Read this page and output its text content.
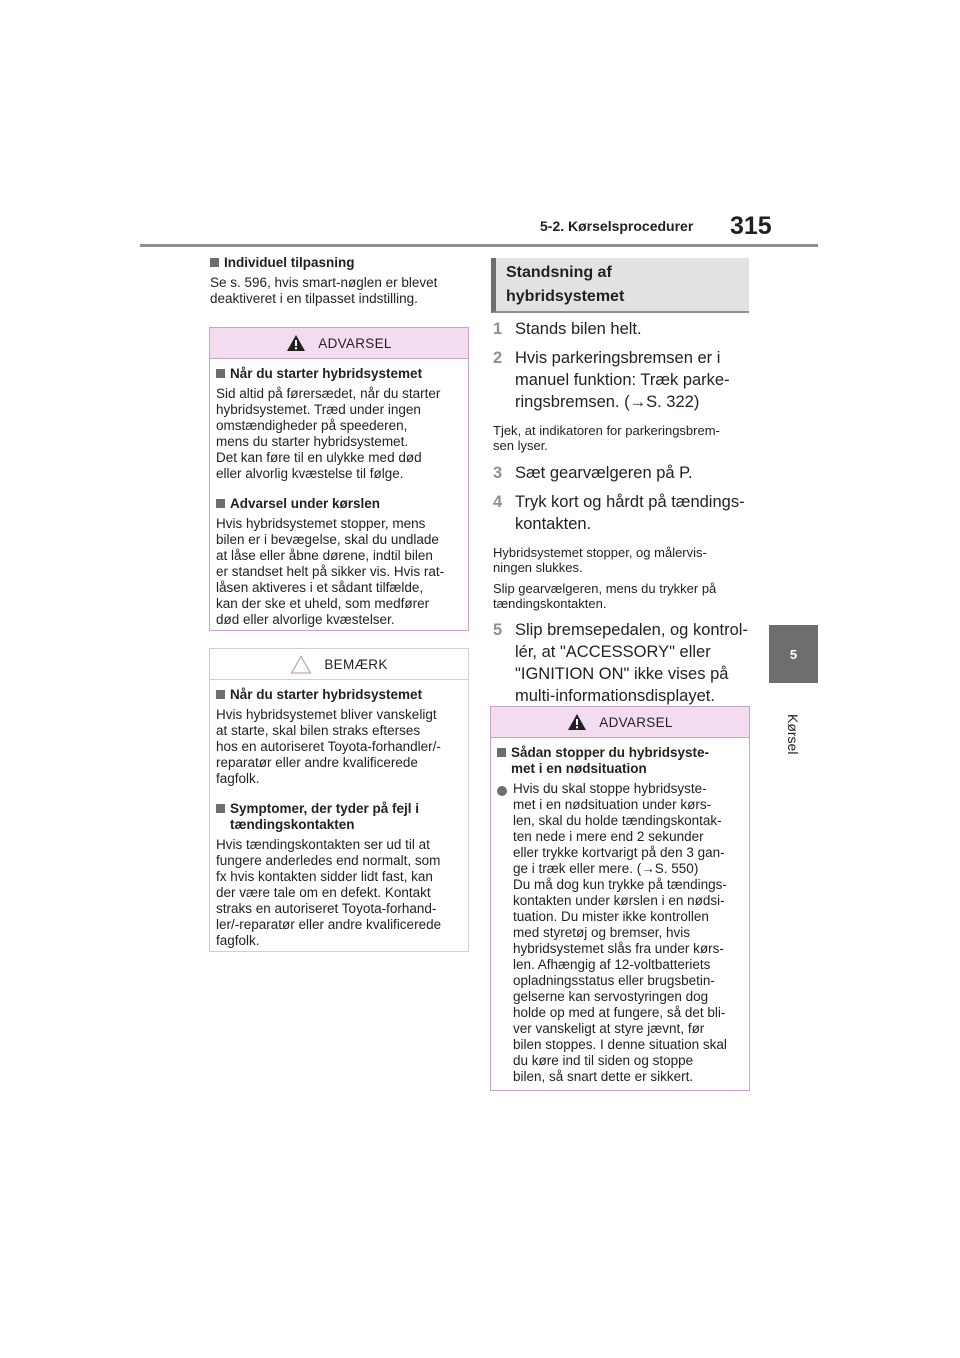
5-2. Kørselsprocedurer 315
5
Kørsel
Individuel tilpasning
Se s. 596, hvis smart-nøglen er blevet
deaktiveret i en tilpasset indstilling.
ADVARSEL
Når du starter hybridsystemet
Sid altid på førersædet, når du starter
hybridsystemet. Træd under ingen
omstændigheder på speederen,
mens du starter hybridsystemet.
Det kan føre til en ulykke med død
eller alvorlig kvæstelse til følge.
Advarsel under kørslen
Hvis hybridsystemet stopper, mens
bilen er i bevægelse, skal du undlade
at låse eller åbne dørene, indtil bilen
er standset helt på sikker vis. Hvis rat-
låsen aktiveres i et sådant tilfælde,
kan der ske et uheld, som medfører
død eller alvorlige kvæstelser.
BEMÆRK
Når du starter hybridsystemet
Hvis hybridsystemet bliver vanskeligt
at starte, skal bilen straks efterses
hos en autoriseret Toyota-forhandler/-
reparatør eller andre kvalificerede
fagfolk.
Symptomer, der tyder på fejl i
tændingskontakten
Hvis tændingskontakten ser ud til at
fungere anderledes end normalt, som
fx hvis kontakten sidder lidt fast, kan
der være tale om en defekt. Kontakt
straks en autoriseret Toyota-forhand-
ler/-reparatør eller andre kvalificerede
fagfolk.
Standsning af
hybridsystemet
1 Stands bilen helt.
2 Hvis parkeringsbremsen er i
manuel funktion: Træk parke-
ringsbremsen. (→S. 322)
Tjek, at indikatoren for parkeringsbrem-
sen lyser.
3 Sæt gearvælgeren på P.
4 Tryk kort og hårdt på tændings-
kontakten.
Hybridsystemet stopper, og målervis-
ningen slukkes.
Slip gearvælgeren, mens du trykker på
tændingskontakten.
5 Slip bremsepedalen, og kontrol-
lér, at "ACCESSORY" eller
"IGNITION ON" ikke vises på
multi-informationsdisplayet.
ADVARSEL
Sådan stopper du hybridsyste-
met i en nødsituation
Hvis du skal stoppe hybridsyste-
met i en nødsituation under kørs-
len, skal du holde tændingskontak-
ten nede i mere end 2 sekunder
eller trykke kortvarigt på den 3 gan-
ge i træk eller mere. (→S. 550)
Du må dog kun trykke på tændings-
kontakten under kørslen i en nødsi-
tuation. Du mister ikke kontrollen
med styretøj og bremser, hvis
hybridsystemet slås fra under kørs-
len. Afhængig af 12-voltbatteriets
opladningsstatus eller brugsbetin-
gelserne kan servostyringen dog
holde op med at fungere, så det bli-
ver vanskeligt at styre jævnt, før
bilen stoppes. I denne situation skal
du køre ind til siden og stoppe
bilen, så snart dette er sikkert.
